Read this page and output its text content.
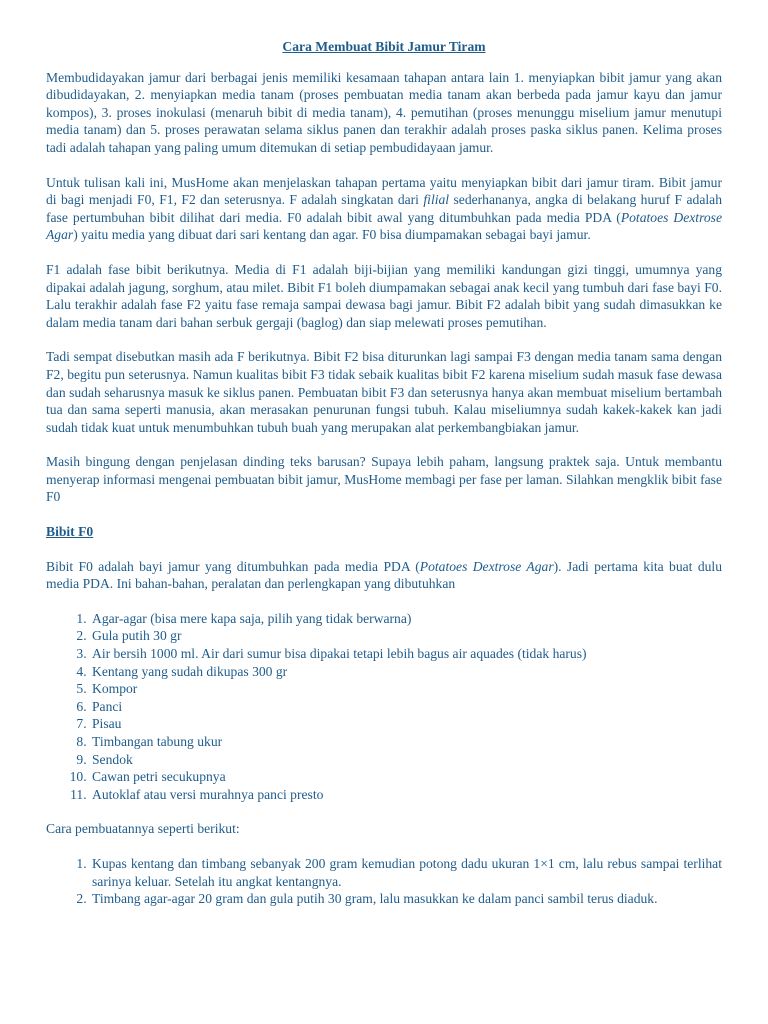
Cara Membuat Bibit Jamur Tiram

Membudidayakan jamur dari berbagai jenis memiliki kesamaan tahapan antara lain 1. menyiapkan bibit jamur yang akan dibudidayakan, 2. menyiapkan media tanam (proses pembuatan media tanam akan berbeda pada jamur kayu dan jamur kompos), 3. proses inokulasi (menaruh bibit di media tanam), 4. pemutihan (proses menunggu miselium jamur menutupi media tanam) dan 5. proses perawatan selama siklus panen dan terakhir adalah proses paska siklus panen. Kelima proses tadi adalah tahapan yang paling umum ditemukan di setiap pembudidayaan jamur.

Untuk tulisan kali ini, MusHome akan menjelaskan tahapan pertama yaitu menyiapkan bibit dari jamur tiram. Bibit jamur di bagi menjadi F0, F1, F2 dan seterusnya. F adalah singkatan dari filial sederhananya, angka di belakang huruf F adalah fase pertumbuhan bibit dilihat dari media. F0 adalah bibit awal yang ditumbuhkan pada media PDA (Potatoes Dextrose Agar) yaitu media yang dibuat dari sari kentang dan agar. F0 bisa diumpamakan sebagai bayi jamur.

F1 adalah fase bibit berikutnya. Media di F1 adalah biji-bijian yang memiliki kandungan gizi tinggi, umumnya yang dipakai adalah jagung, sorghum, atau milet. Bibit F1 boleh diumpamakan sebagai anak kecil yang tumbuh dari fase bayi F0. Lalu terakhir adalah fase F2 yaitu fase remaja sampai dewasa bagi jamur. Bibit F2 adalah bibit yang sudah dimasukkan ke dalam media tanam dari bahan serbuk gergaji (baglog) dan siap melewati proses pemutihan.

Tadi sempat disebutkan masih ada F berikutnya. Bibit F2 bisa diturunkan lagi sampai F3 dengan media tanam sama dengan F2, begitu pun seterusnya. Namun kualitas bibit F3 tidak sebaik kualitas bibit F2 karena miselium sudah masuk fase dewasa dan sudah seharusnya masuk ke siklus panen. Pembuatan bibit F3 dan seterusnya hanya akan membuat miselium bertambah tua dan sama seperti manusia, akan merasakan penurunan fungsi tubuh. Kalau miseliumnya sudah kakek-kakek kan jadi sudah tidak kuat untuk menumbuhkan tubuh buah yang merupakan alat perkembangbiakan jamur.

Masih bingung dengan penjelasan dinding teks barusan? Supaya lebih paham, langsung praktek saja. Untuk membantu menyerap informasi mengenai pembuatan bibit jamur, MusHome membagi per fase per laman. Silahkan mengklik bibit fase F0

Bibit F0

Bibit F0 adalah bayi jamur yang ditumbuhkan pada media PDA (Potatoes Dextrose Agar). Jadi pertama kita buat dulu media PDA. Ini bahan-bahan, peralatan dan perlengkapan yang dibutuhkan

1. Agar-agar (bisa mere kapa saja, pilih yang tidak berwarna)
2. Gula putih 30 gr
3. Air bersih 1000 ml. Air dari sumur bisa dipakai tetapi lebih bagus air aquades (tidak harus)
4. Kentang yang sudah dikupas 300 gr
5. Kompor
6. Panci
7. Pisau
8. Timbangan tabung ukur
9. Sendok
10. Cawan petri secukupnya
11. Autoklaf atau versi murahnya panci presto

Cara pembuatannya seperti berikut:

1. Kupas kentang dan timbang sebanyak 200 gram kemudian potong dadu ukuran 1×1 cm, lalu rebus sampai terlihat sarinya keluar. Setelah itu angkat kentangnya.
2. Timbang agar-agar 20 gram dan gula putih 30 gram, lalu masukkan ke dalam panci sambil terus diaduk.
